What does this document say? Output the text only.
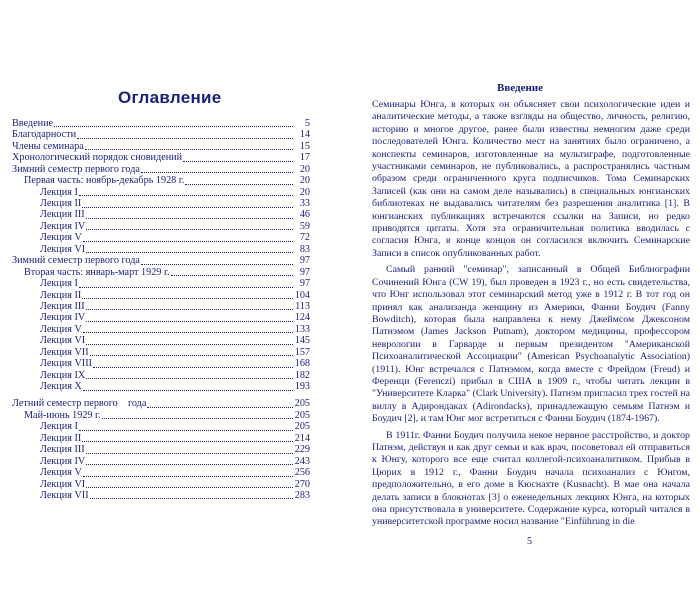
Оглавление
Введение	5
Благодарности	14
Члены семинара	15
Хронологический порядок сновидений	17
Зимний семестр первого года	20
Первая часть: ноябрь-декабрь 1928 г.	20
Лекция I	20
Лекция II	33
Лекция III	46
Лекция IV	59
Лекция V	72
Лекция VI	83
Зимний семестр первого года	97
Вторая часть: январь-март 1929 г.	97
Лекция I	97
Лекция II	104
Лекция III	113
Лекция IV	124
Лекция V	133
Лекция VI	145
Лекция VII	157
Лекция VIII	168
Лекция IX	182
Лекция X	193
Летний семестр первого    года	205
Май-июнь 1929 г.	205
Лекция I	205
Лекция II	214
Лекция III	229
Лекция IV	243
Лекция V	256
Лекция VI	270
Лекция VII	283
Введение

Семинары Юнга, в которых он объясняет свои психологические идеи и аналитические методы, а также взгляды на общество, личность, религию, историю и многое другое, ранее были известны немногим даже среди последователей Юнга. Количество мест на занятиях было ограничено, а конспекты семинаров, изготовленные на мультиграфе, подготовленные участниками семинаров, не публиковались, а распространялись частным образом среди ограниченного круга подписчиков. Тома Семинарских Записей (как они на самом деле назывались) в специальных юнгианских библиотеках не выдавались читателям без разрешения аналитика [1]. В юнгианских публикациях встречаются ссылки на Записи, но редко приводятся цитаты. Хотя эта ограничительная политика вводилась с согласия Юнга, в конце концов он согласился включить Семинарские Записи в список опубликованных работ.

Самый ранний "семинар", записанный в Общей Библиографии Сочинений Юнга (CW 19), был проведен в 1923 г., но есть свидетельства, что Юнг использовал этот семинарский метод уже в 1912 г. В тот год он принял как анализанда женщину из Америки, Фанни Боудич (Fanny Bowditch), которая была направлена к нему Джеймсом Джексоном Патнэмом (James Jackson Putnam), доктором медицины, профессором неврологии в Гарварде и первым президентом "Американской Психоаналитической Ассоциации" (American Psychoanalytic Association) (1911). Юнг встречался с Патнэмом, когда вместе с Фрейдом (Freud) и Ференци (Ferenczi) прибыл в США в 1909 г., чтобы читать лекции в "Университете Кларка" (Clark University). Патнэм пригласил трех гостей на виллу в Адирондаках (Adirondacks), принадлежащую семьям Патнэм и Боудич [2], и там Юнг мог встретиться с Фанни Боудич (1874-1967).

В 1911г. Фанни Боудич получила некое нервное расстройство, и доктор Патнэм, действуя и как друг семьи и как врач, посоветовал ей отправиться к Юнгу, которого все еще считал коллегой-психоаналитиком. Прибыв в Цюрих в 1912 г., Фанни Боудич начала психоанализ с Юнгом, предположительно, в его доме в Кюснахте (Kusnacht). В мае она начала делать записи в блокнотах [3] о еженедельных лекциях Юнга, на которых она присутствовала в университете. Содержание курса, который читался в университетской программе носил название "Einführung in die

5
